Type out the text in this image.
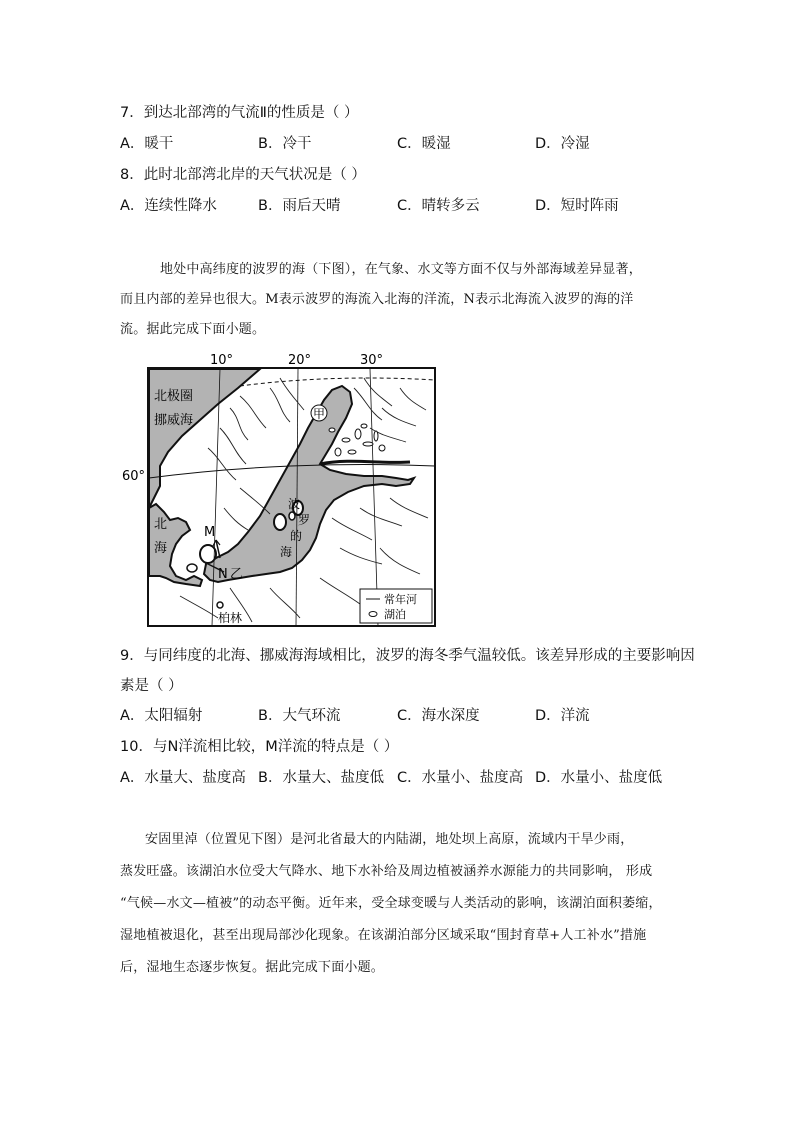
7．到达北部湾的气流Ⅱ的性质是（ ）
A．暖干	B．冷干	C．暖湿	D．冷湿
8．此时北部湾北岸的天气状况是（ ）
A．连续性降水	B．雨后天晴	C．晴转多云	D．短时阵雨
地处中高纬度的波罗的海（下图），在气象、水文等方面不仅与外部海域差异显著，
而且内部的差异也很大。M表示波罗的海流入北海的洋流，N表示北海流入波罗的海的洋
流。据此完成下面小题。
10°	20°	30°
60°
北极圈
挪威海
北
海
波
罗
的
海
甲
M
N 乙
柏林
常年河
湖泊
9．与同纬度的北海、挪威海海域相比，波罗的海冬季气温较低。该差异形成的主要影响因
素是（ ）
A．太阳辐射	B．大气环流	C．海水深度	D．洋流
10．与N洋流相比较，M洋流的特点是（ ）
A．水量大、盐度高 B．水量大、盐度低 C．水量小、盐度高 D．水量小、盐度低
安固里淖（位置见下图）是河北省最大的内陆湖，地处坝上高原，流域内干旱少雨，
蒸发旺盛。该湖泊水位受大气降水、地下水补给及周边植被涵养水源能力的共同影响， 形成
“气候—水文—植被”的动态平衡。近年来，受全球变暖与人类活动的影响，该湖泊面积萎缩，
湿地植被退化，甚至出现局部沙化现象。在该湖泊部分区域采取“围封育草+人工补水”措施
后，湿地生态逐步恢复。据此完成下面小题。
